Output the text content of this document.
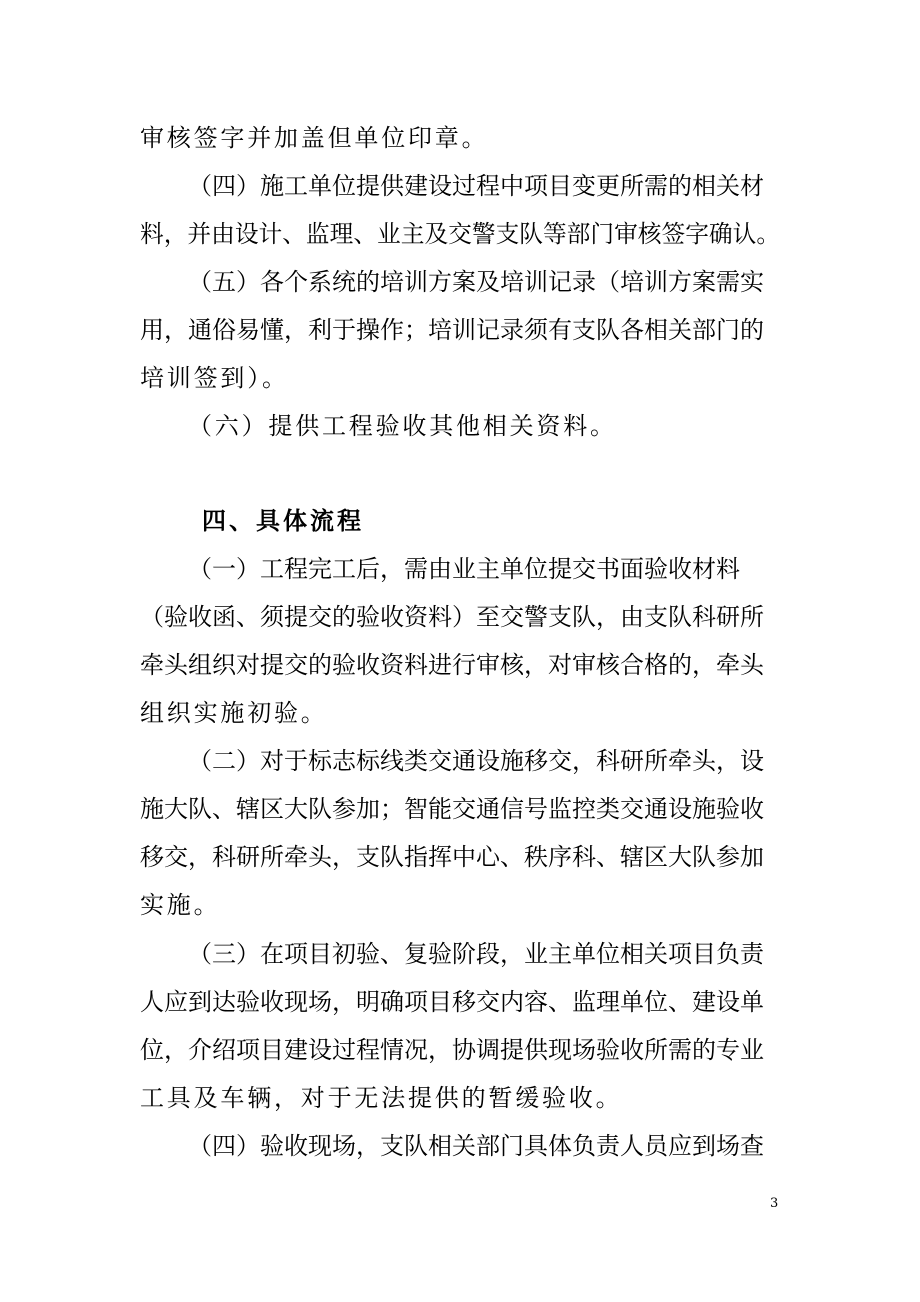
审核签字并加盖但单位印章。
（四）施工单位提供建设过程中项目变更所需的相关材
料，并由设计、监理、业主及交警支队等部门审核签字确认。
（五）各个系统的培训方案及培训记录（培训方案需实
用，通俗易懂，利于操作；培训记录须有支队各相关部门的
培训签到）。
（六）提供工程验收其他相关资料。
四、具体流程
（一）工程完工后，需由业主单位提交书面验收材料
（验收函、须提交的验收资料）至交警支队，由支队科研所
牵头组织对提交的验收资料进行审核，对审核合格的，牵头
组织实施初验。
（二）对于标志标线类交通设施移交，科研所牵头，设
施大队、辖区大队参加；智能交通信号监控类交通设施验收
移交，科研所牵头，支队指挥中心、秩序科、辖区大队参加
实施。
（三）在项目初验、复验阶段，业主单位相关项目负责
人应到达验收现场，明确项目移交内容、监理单位、建设单
位，介绍项目建设过程情况，协调提供现场验收所需的专业
工具及车辆，对于无法提供的暂缓验收。
（四）验收现场，支队相关部门具体负责人员应到场查
3
